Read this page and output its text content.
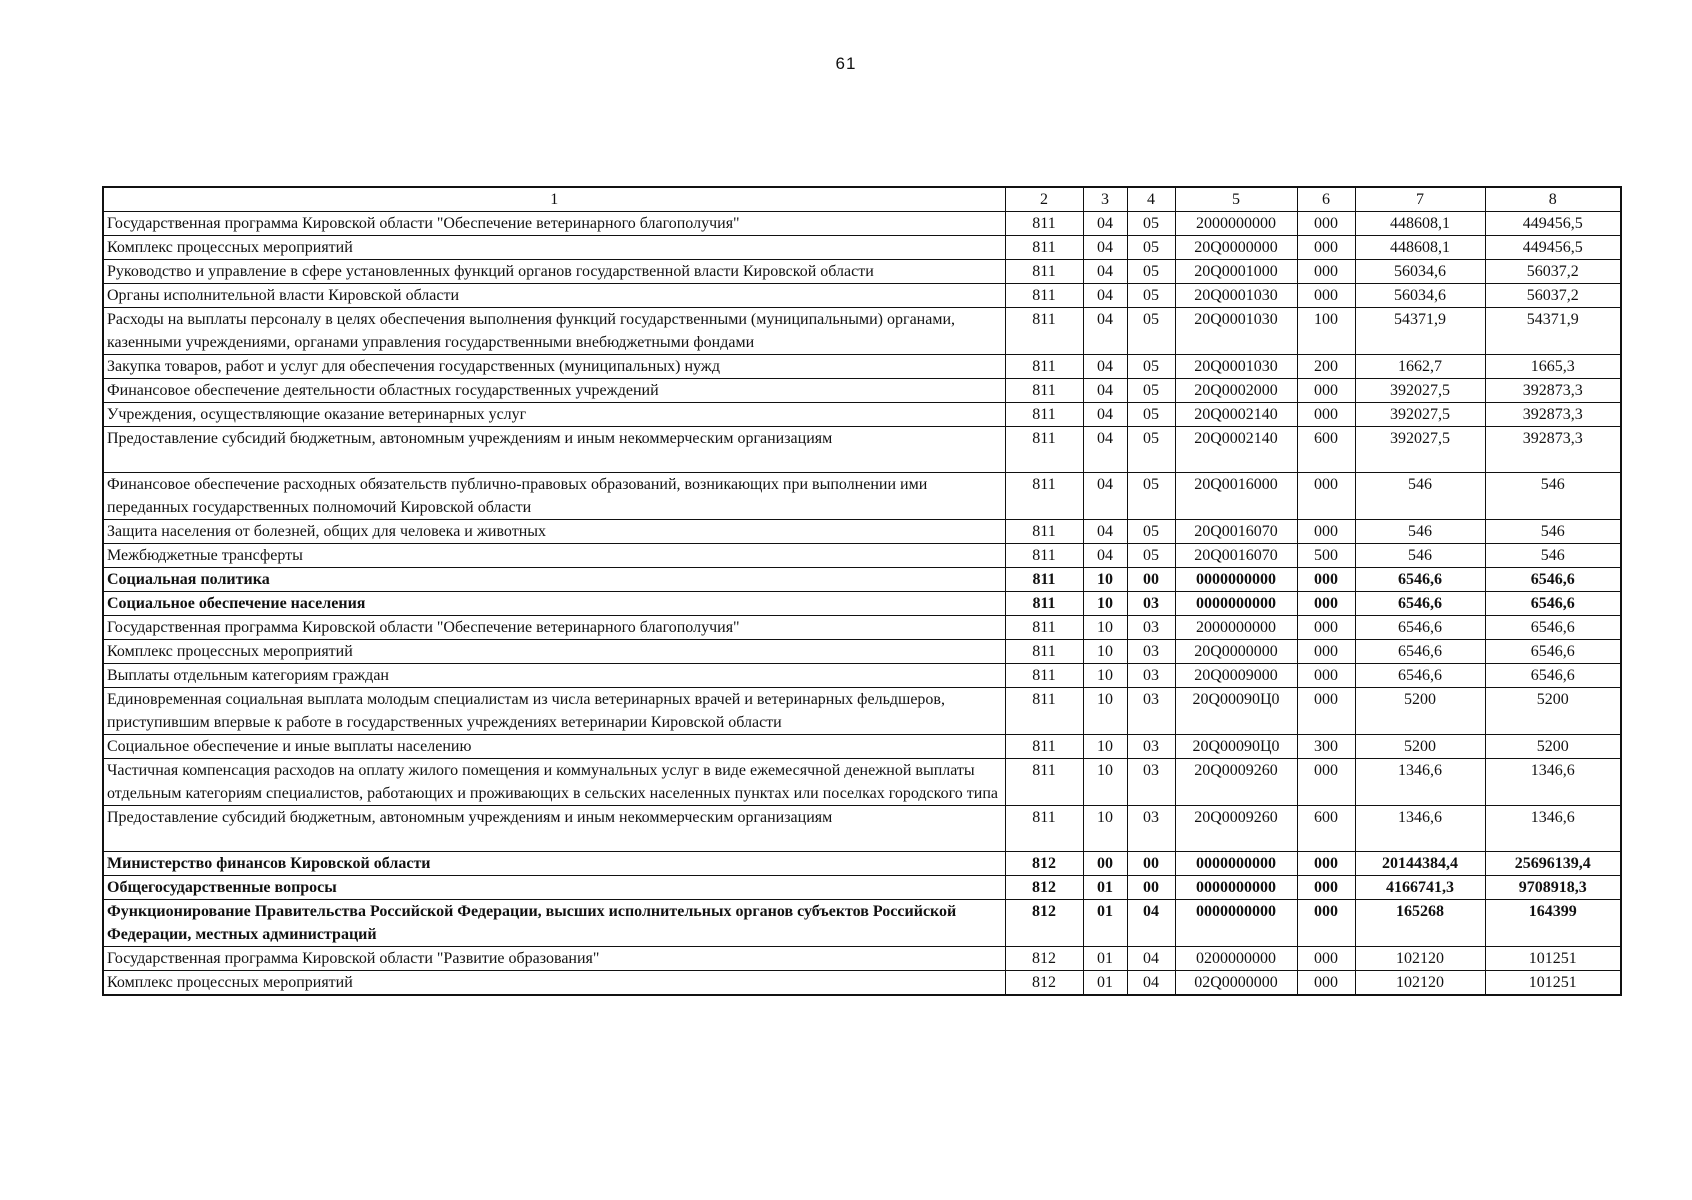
61
1	2	3	4	5	6	7	8
Государственная программа Кировской области "Обеспечение ветеринарного благополучия"	811	04	05	2000000000	000	448608,1	449456,5
Комплекс процессных мероприятий	811	04	05	20Q0000000	000	448608,1	449456,5
Руководство и управление в сфере установленных функций органов государственной власти Кировской области	811	04	05	20Q0001000	000	56034,6	56037,2
Органы исполнительной власти Кировской области	811	04	05	20Q0001030	000	56034,6	56037,2
Расходы на выплаты персоналу в целях обеспечения выполнения функций государственными (муниципальными) органами, казенными учреждениями, органами управления государственными внебюджетными фондами	811	04	05	20Q0001030	100	54371,9	54371,9
Закупка товаров, работ и услуг для обеспечения государственных (муниципальных) нужд	811	04	05	20Q0001030	200	1662,7	1665,3
Финансовое обеспечение деятельности областных государственных учреждений	811	04	05	20Q0002000	000	392027,5	392873,3
Учреждения, осуществляющие оказание ветеринарных услуг	811	04	05	20Q0002140	000	392027,5	392873,3
Предоставление субсидий бюджетным, автономным учреждениям и иным некоммерческим организациям	811	04	05	20Q0002140	600	392027,5	392873,3
Финансовое обеспечение расходных обязательств публично-правовых образований, возникающих при выполнении ими переданных государственных полномочий Кировской области	811	04	05	20Q0016000	000	546	546
Защита населения от болезней, общих для человека и животных	811	04	05	20Q0016070	000	546	546
Межбюджетные трансферты	811	04	05	20Q0016070	500	546	546
Социальная политика	811	10	00	0000000000	000	6546,6	6546,6
Социальное обеспечение населения	811	10	03	0000000000	000	6546,6	6546,6
Государственная программа Кировской области "Обеспечение ветеринарного благополучия"	811	10	03	2000000000	000	6546,6	6546,6
Комплекс процессных мероприятий	811	10	03	20Q0000000	000	6546,6	6546,6
Выплаты отдельным категориям граждан	811	10	03	20Q0009000	000	6546,6	6546,6
Единовременная социальная выплата молодым специалистам из числа ветеринарных врачей и ветеринарных фельдшеров, приступившим впервые к работе в государственных учреждениях ветеринарии Кировской области	811	10	03	20Q00090Ц0	000	5200	5200
Социальное обеспечение и иные выплаты населению	811	10	03	20Q00090Ц0	300	5200	5200
Частичная компенсация расходов на оплату жилого помещения и коммунальных услуг в виде ежемесячной денежной выплаты отдельным категориям специалистов, работающих и проживающих в сельских населенных пунктах или поселках городского типа	811	10	03	20Q0009260	000	1346,6	1346,6
Предоставление субсидий бюджетным, автономным учреждениям и иным некоммерческим организациям	811	10	03	20Q0009260	600	1346,6	1346,6
Министерство финансов Кировской области	812	00	00	0000000000	000	20144384,4	25696139,4
Общегосударственные вопросы	812	01	00	0000000000	000	4166741,3	9708918,3
Функционирование Правительства Российской Федерации, высших исполнительных органов субъектов Российской Федерации, местных администраций	812	01	04	0000000000	000	165268	164399
Государственная программа Кировской области "Развитие образования"	812	01	04	0200000000	000	102120	101251
Комплекс процессных мероприятий	812	01	04	02Q0000000	000	102120	101251
